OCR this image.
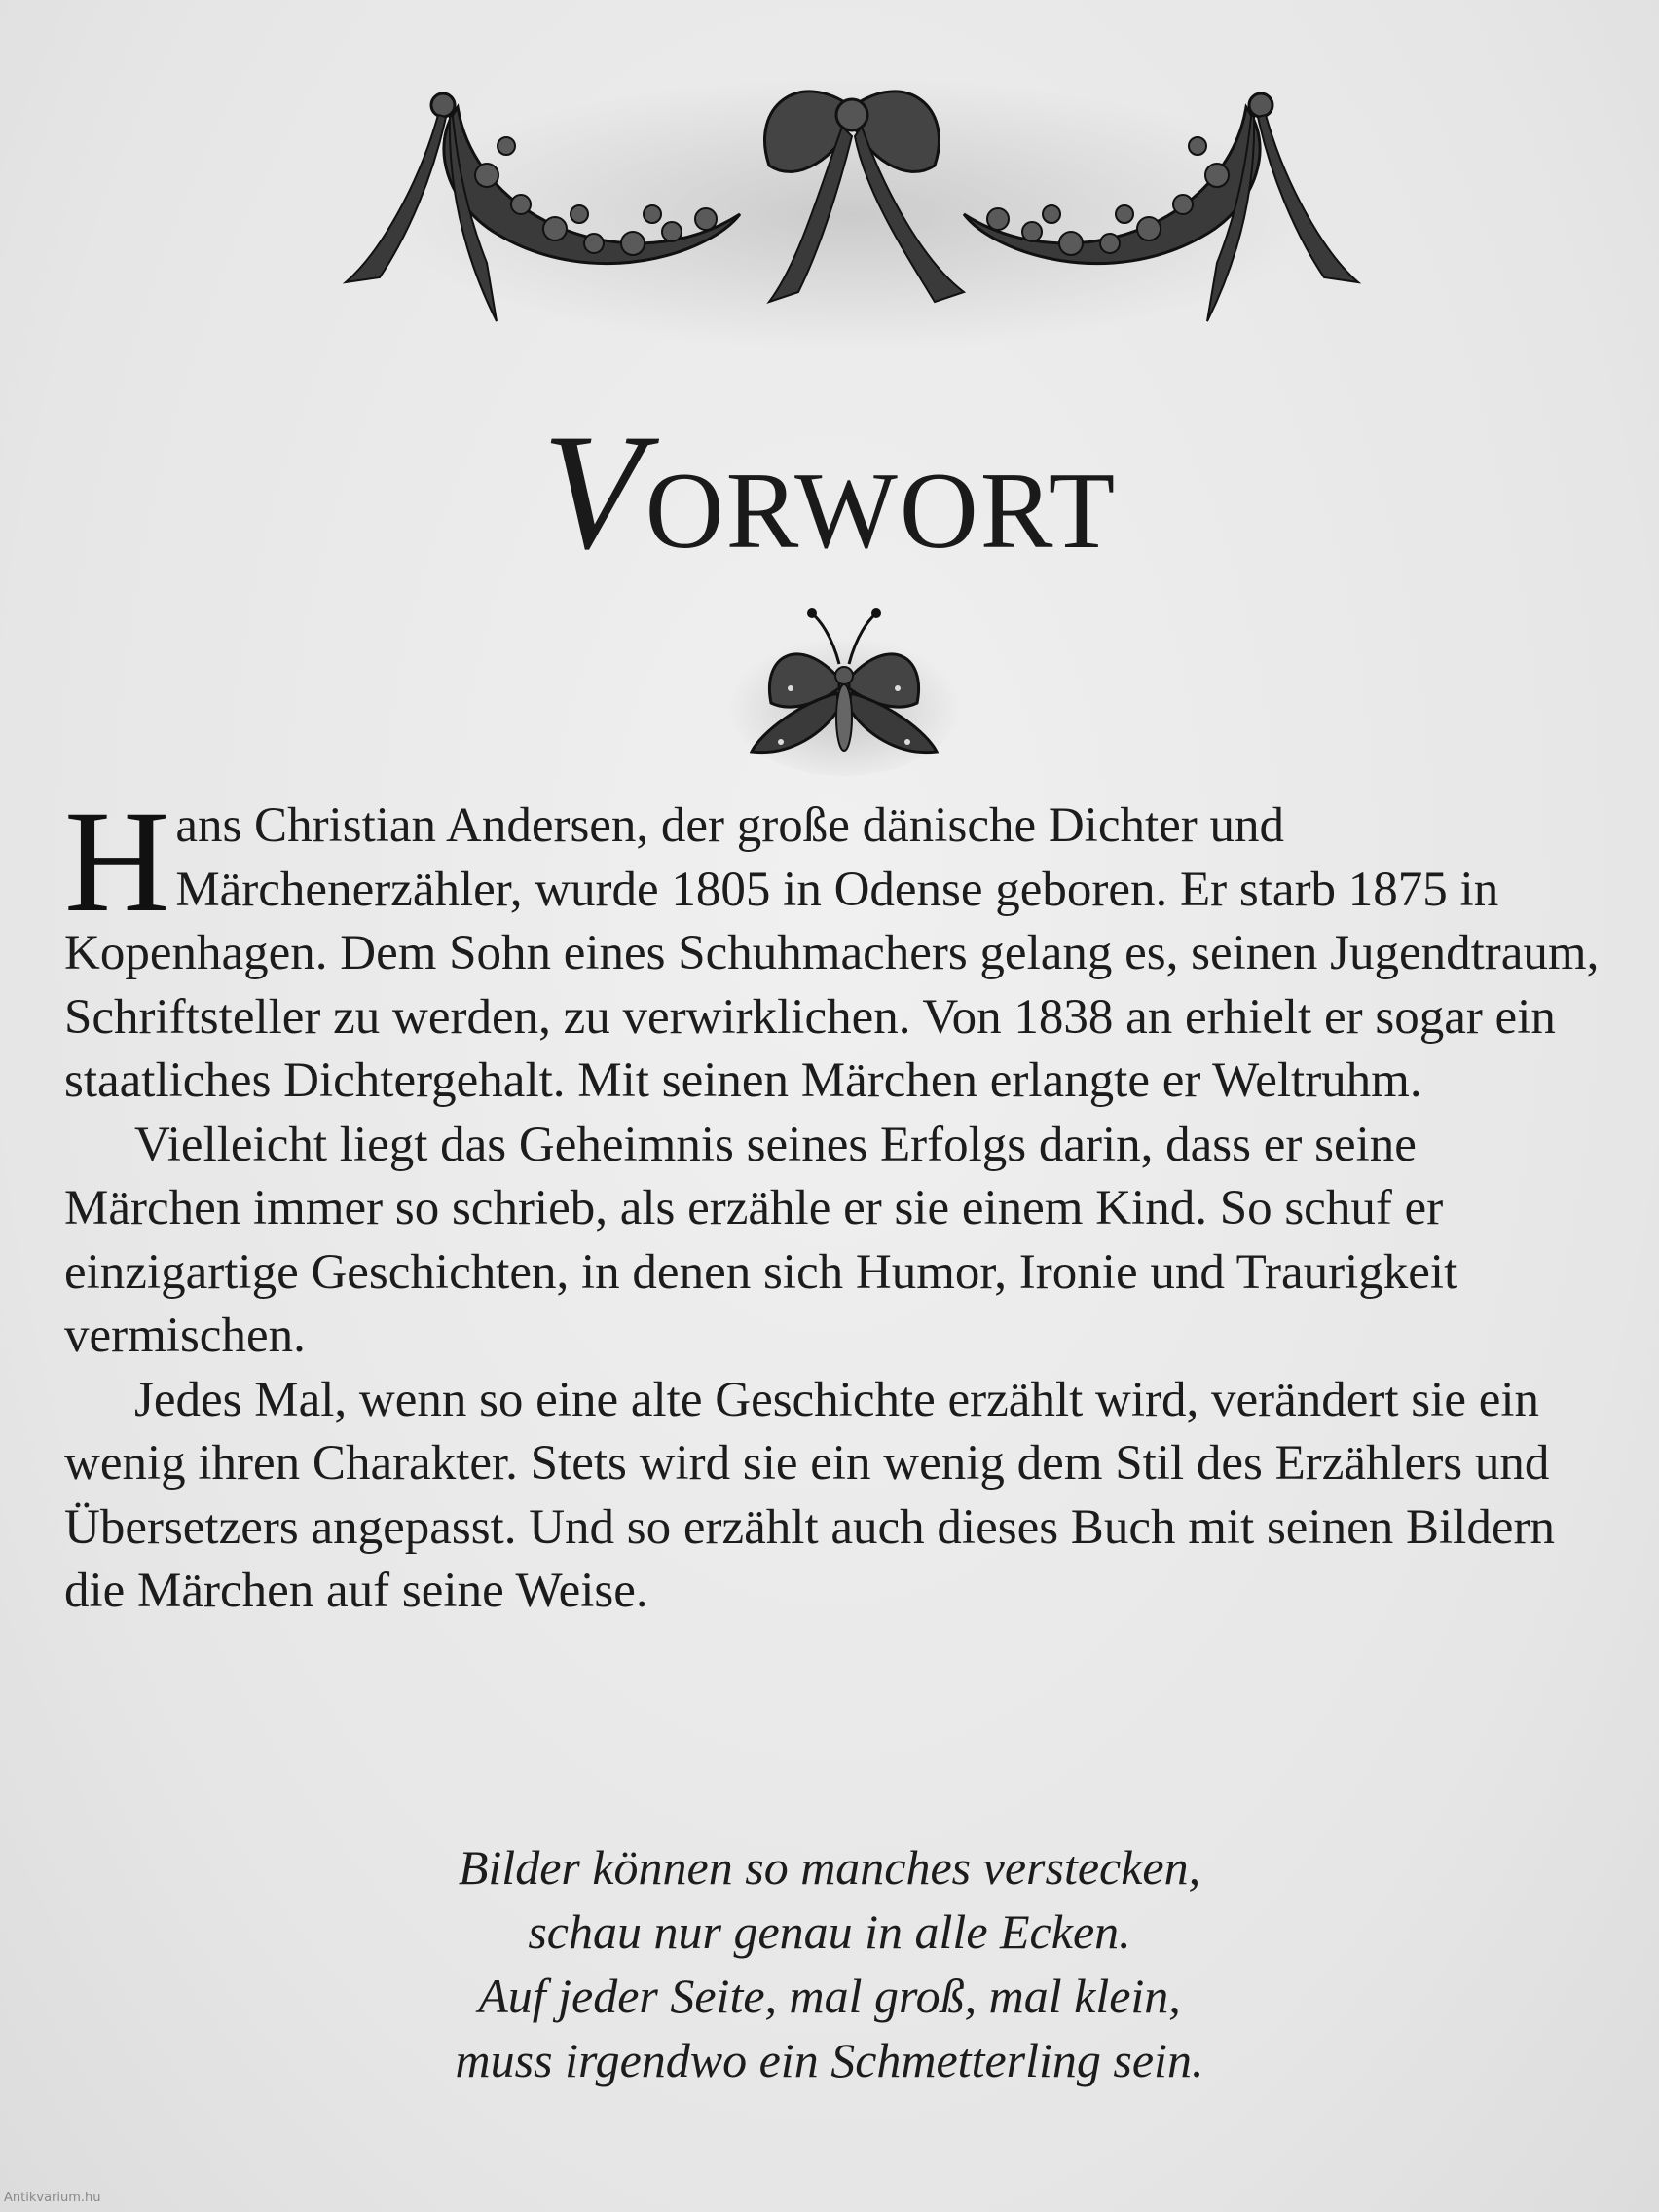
VORWORT

Hans Christian Andersen, der große dänische Dichter und Märchenerzähler, wurde 1805 in Odense geboren. Er starb 1875 in Kopenhagen. Dem Sohn eines Schuhmachers gelang es, seinen Jugendtraum, Schriftsteller zu werden, zu verwirklichen. Von 1838 an erhielt er sogar ein staatliches Dichtergehalt. Mit seinen Märchen erlangte er Weltruhm.

Vielleicht liegt das Geheimnis seines Erfolgs darin, dass er seine Märchen immer so schrieb, als erzähle er sie einem Kind. So schuf er einzigartige Geschichten, in denen sich Humor, Ironie und Traurigkeit vermischen.

Jedes Mal, wenn so eine alte Geschichte erzählt wird, verändert sie ein wenig ihren Charakter. Stets wird sie ein wenig dem Stil des Erzählers und Übersetzers angepasst. Und so erzählt auch dieses Buch mit seinen Bildern die Märchen auf seine Weise.

Bilder können so manches verstecken,
schau nur genau in alle Ecken.
Auf jeder Seite, mal groß, mal klein,
muss irgendwo ein Schmetterling sein.
Antikvarium.hu
